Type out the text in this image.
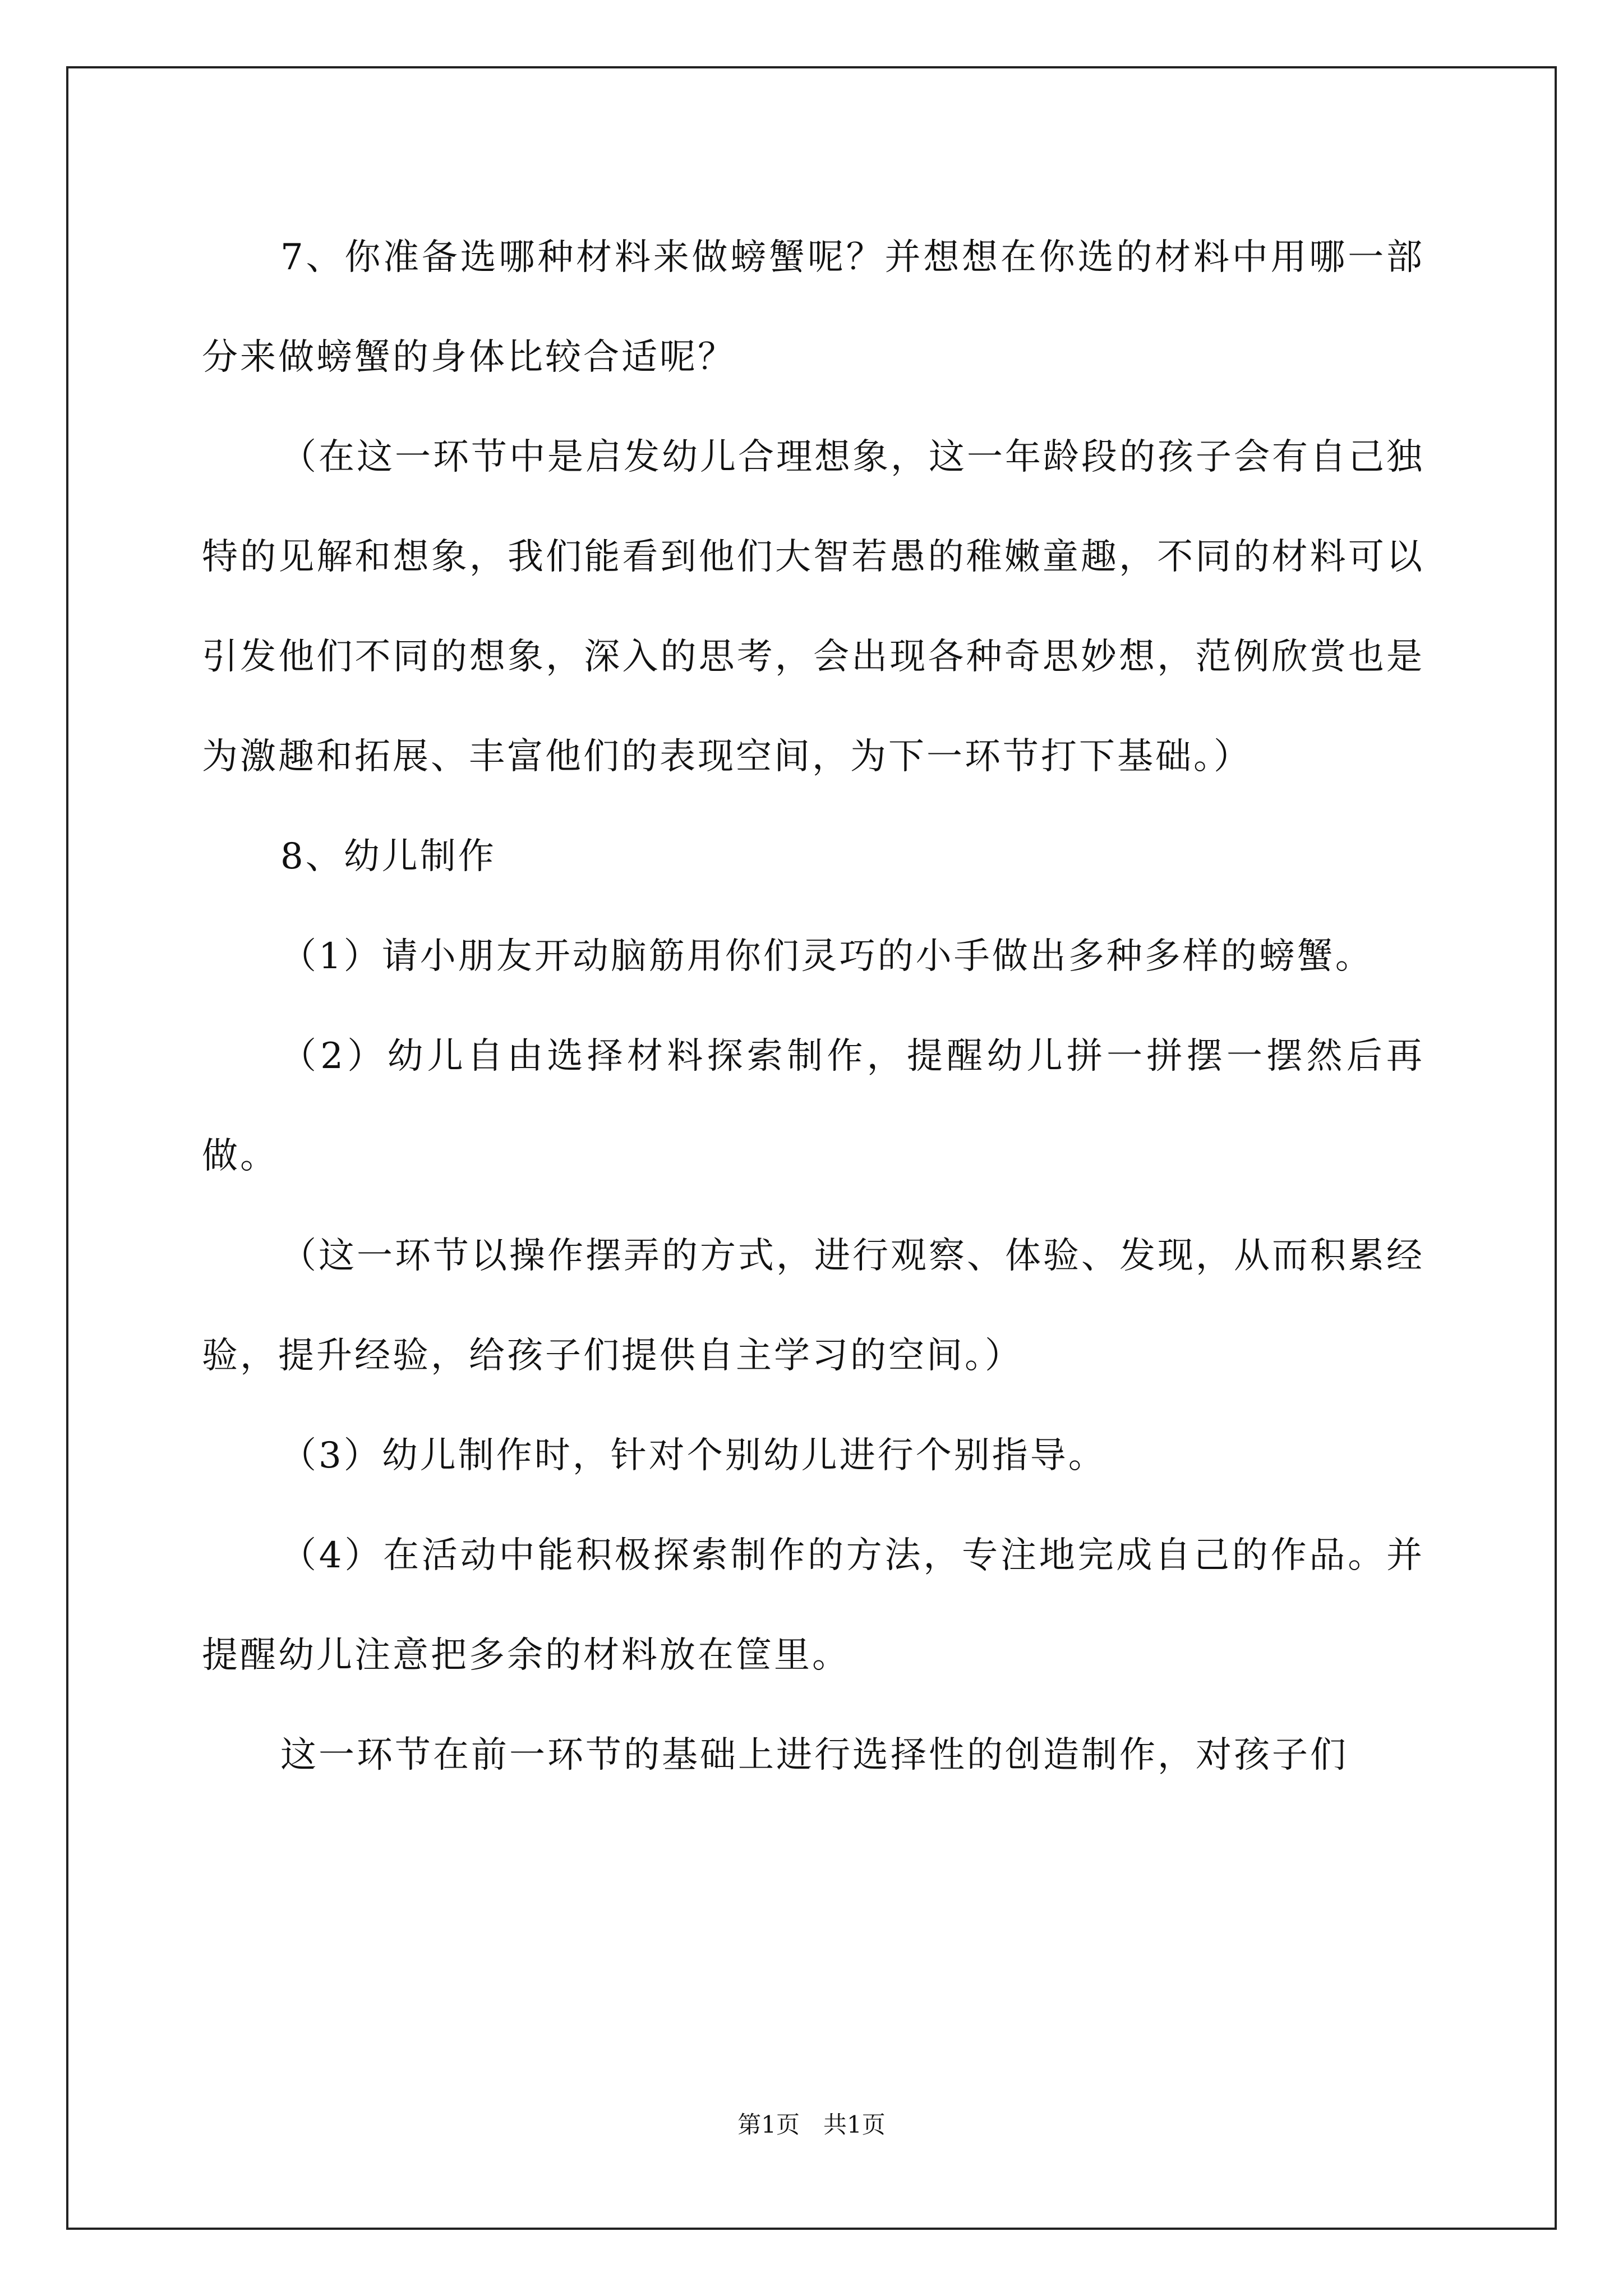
7、你准备选哪种材料来做螃蟹呢？并想想在你选的材料中用哪一部分来做螃蟹的身体比较合适呢？

（在这一环节中是启发幼儿合理想象，这一年龄段的孩子会有自己独特的见解和想象，我们能看到他们大智若愚的稚嫩童趣，不同的材料可以引发他们不同的想象，深入的思考，会出现各种奇思妙想，范例欣赏也是为激趣和拓展、丰富他们的表现空间，为下一环节打下基础。）

8、幼儿制作

（1）请小朋友开动脑筋用你们灵巧的小手做出多种多样的螃蟹。

（2）幼儿自由选择材料探索制作，提醒幼儿拼一拼摆一摆然后再做。

（这一环节以操作摆弄的方式，进行观察、体验、发现，从而积累经验，提升经验，给孩子们提供自主学习的空间。）

（3）幼儿制作时，针对个别幼儿进行个别指导。

（4）在活动中能积极探索制作的方法，专注地完成自己的作品。并提醒幼儿注意把多余的材料放在筐里。

这一环节在前一环节的基础上进行选择性的创造制作，对孩子们

第1页　共1页
